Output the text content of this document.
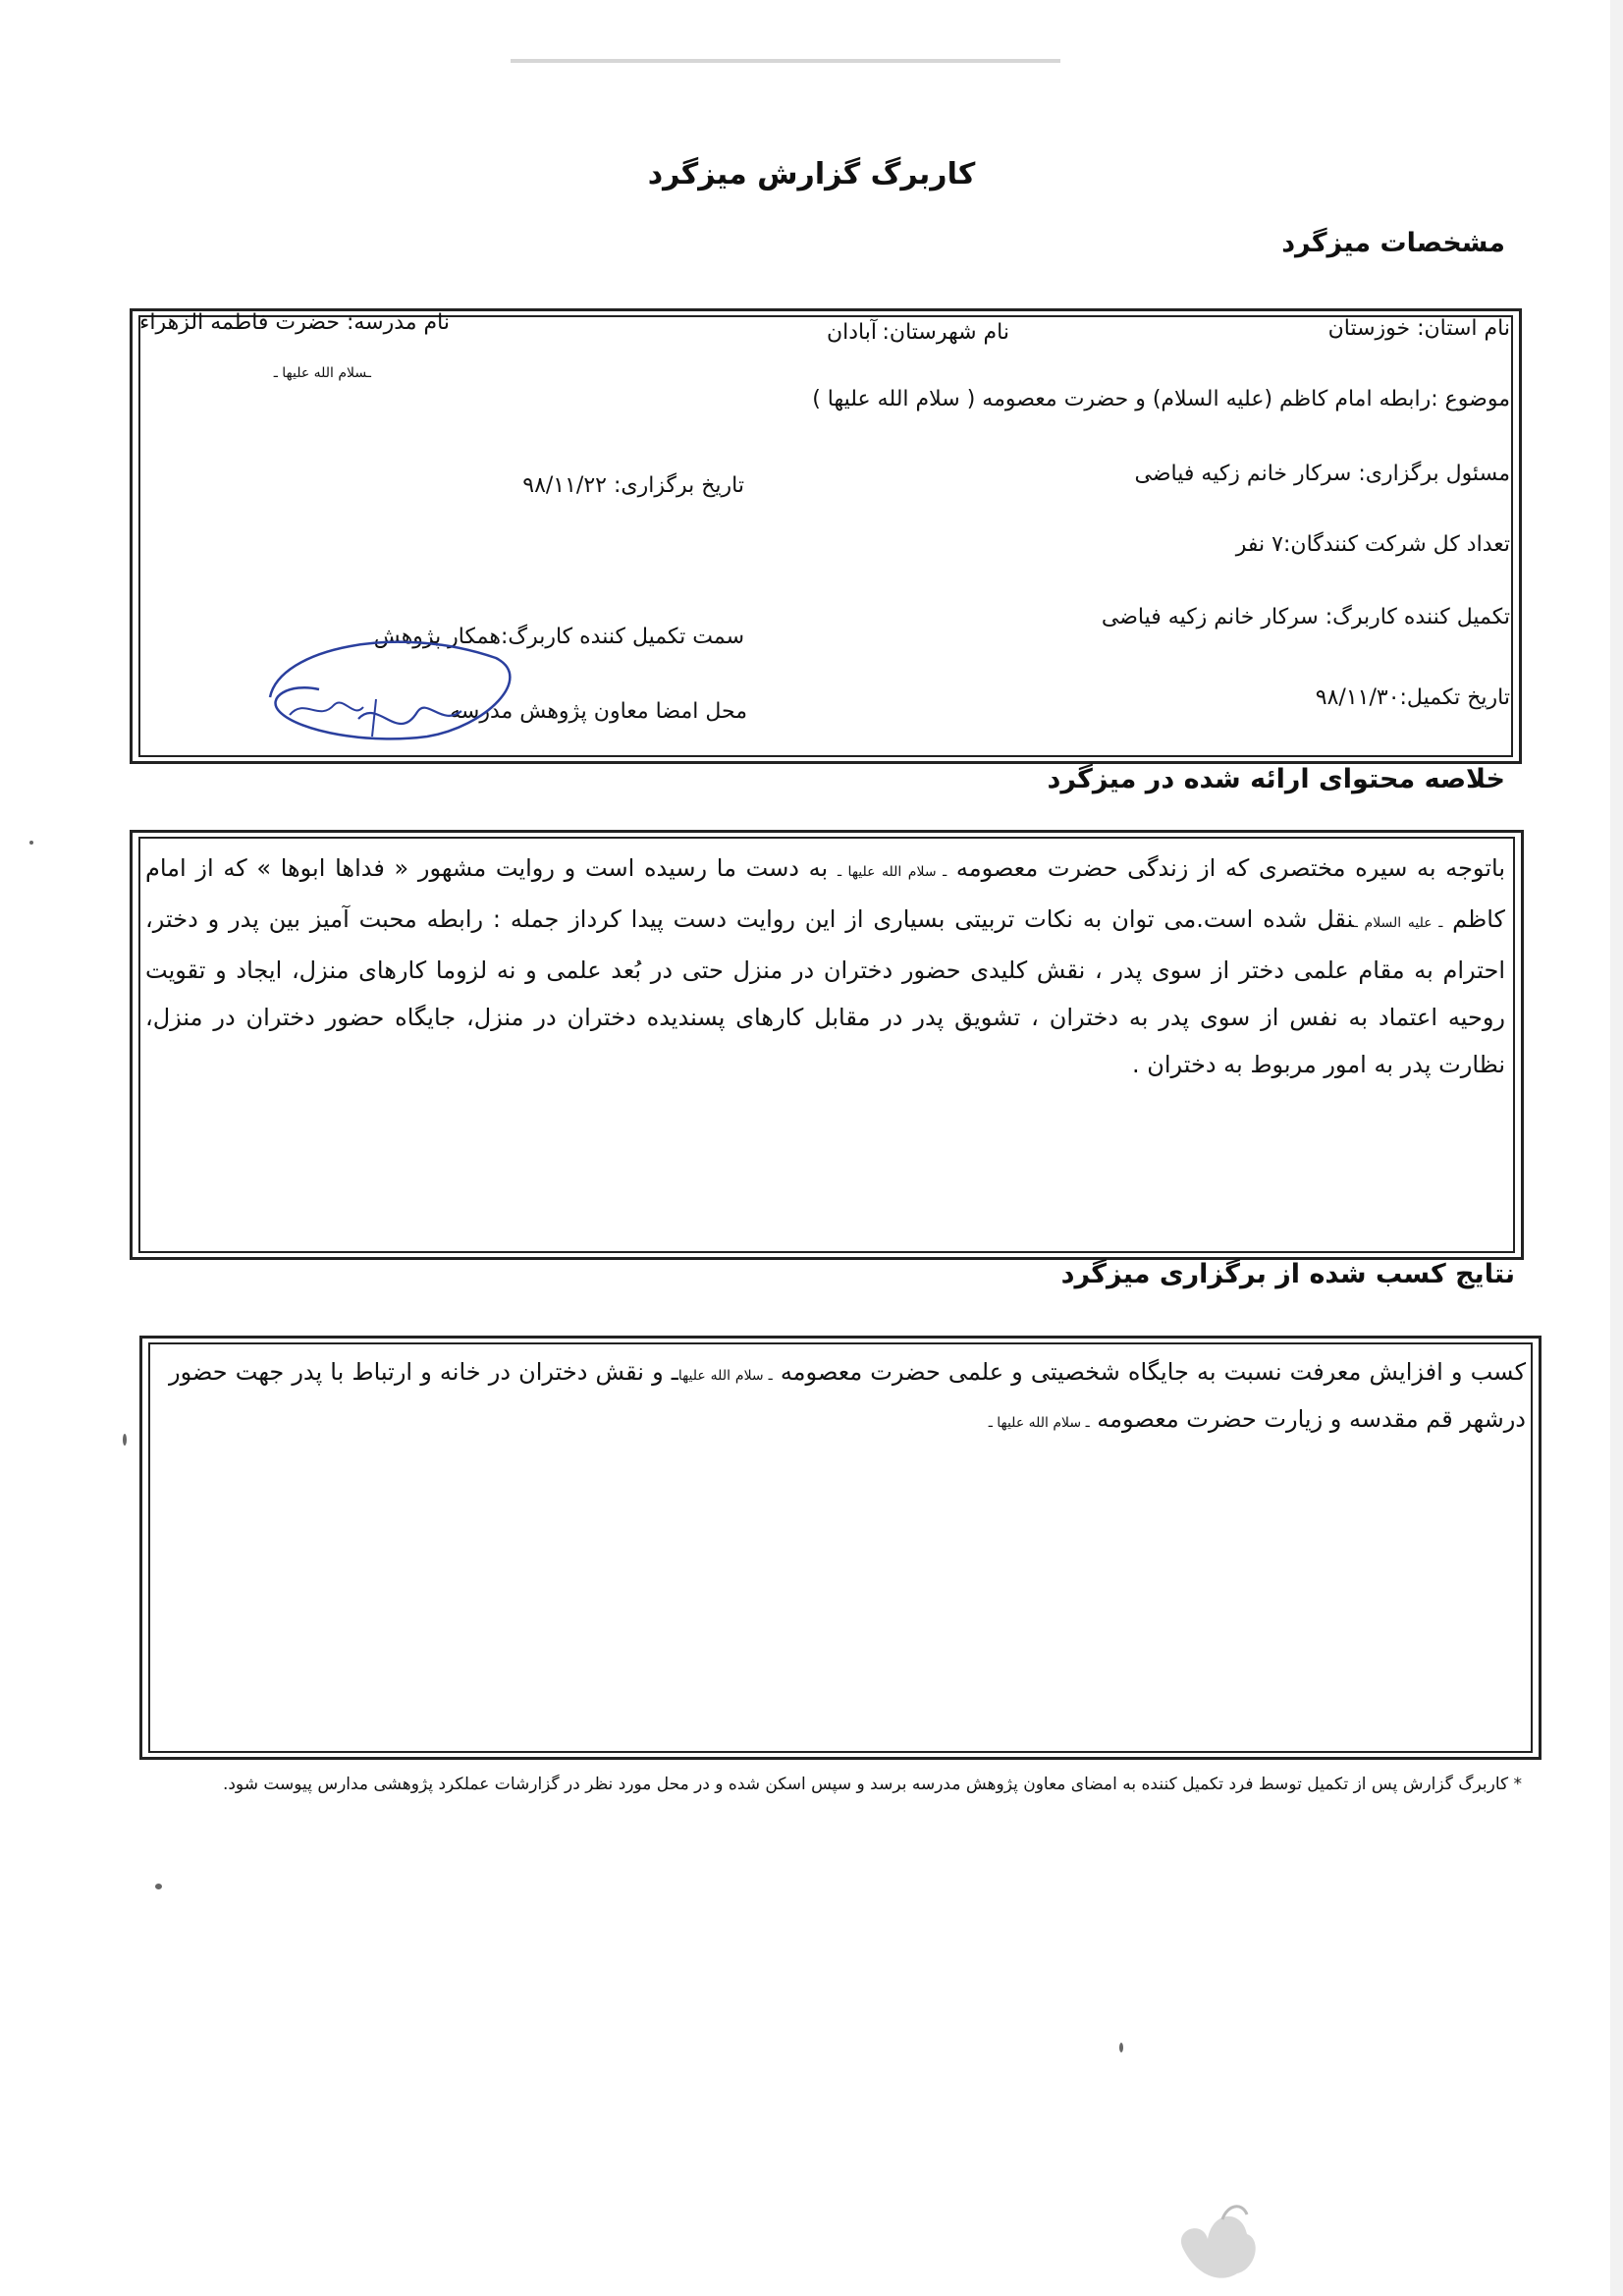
کاربرگ گزارش میزگرد
مشخصات میزگرد
نام استان: خوزستان
نام شهرستان:
آبادان
نام مدرسه: حضرت فاطمه الزهراء
ـسلام الله علیها ـ
موضوع :رابطه امام کاظم (علیه السلام) و حضرت معصومه ( سلام الله علیها )
مسئول برگزاری: سرکار خانم زکیه فیاضی
تاریخ برگزاری: ۹۸/۱۱/۲۲
تعداد کل شرکت کنندگان:۷ نفر
تکمیل کننده کاربرگ: سرکار خانم زکیه فیاضی
سمت تکمیل کننده کاربرگ:همکار پژوهش
تاریخ تکمیل:۹۸/۱۱/۳۰
محل امضا معاون پژوهش مدرسه
خلاصه محتوای ارائه شده در میزگرد
باتوجه به سیره مختصری که از زندگی حضرت معصومه ـ سلام الله علیها ـ به دست ما رسیده است و روایت مشهور « فداها ابوها » که از امام کاظم ـ علیه السلام ـنقل شده است.می توان به نکات تربیتی بسیاری از این روایت دست پیدا کرداز جمله : رابطه محبت آمیز بین پدر و دختر، احترام به مقام علمی دختر از سوی پدر ، نقش کلیدی حضور دختران در منزل حتی در بُعد علمی و نه لزوما کارهای منزل، ایجاد و تقویت روحیه اعتماد به نفس از سوی پدر به دختران ، تشویق پدر در مقابل کارهای پسندیده دختران در منزل، جایگاه حضور دختران در منزل، نظارت پدر به امور مربوط به دختران .
نتایج کسب شده از برگزاری میزگرد
کسب و افزایش معرفت نسبت به جایگاه شخصیتی و علمی حضرت معصومه ـ سلام الله علیهاـ و نقش دختران در خانه و ارتباط با پدر جهت حضور درشهر قم مقدسه و زیارت حضرت معصومه ـ سلام الله علیها ـ
* کاربرگ گزارش پس از تکمیل توسط فرد تکمیل کننده به امضای معاون پژوهش مدرسه برسد و سپس اسکن شده و در محل مورد نظر در گزارشات عملکرد پژوهشی مدارس پیوست شود.
